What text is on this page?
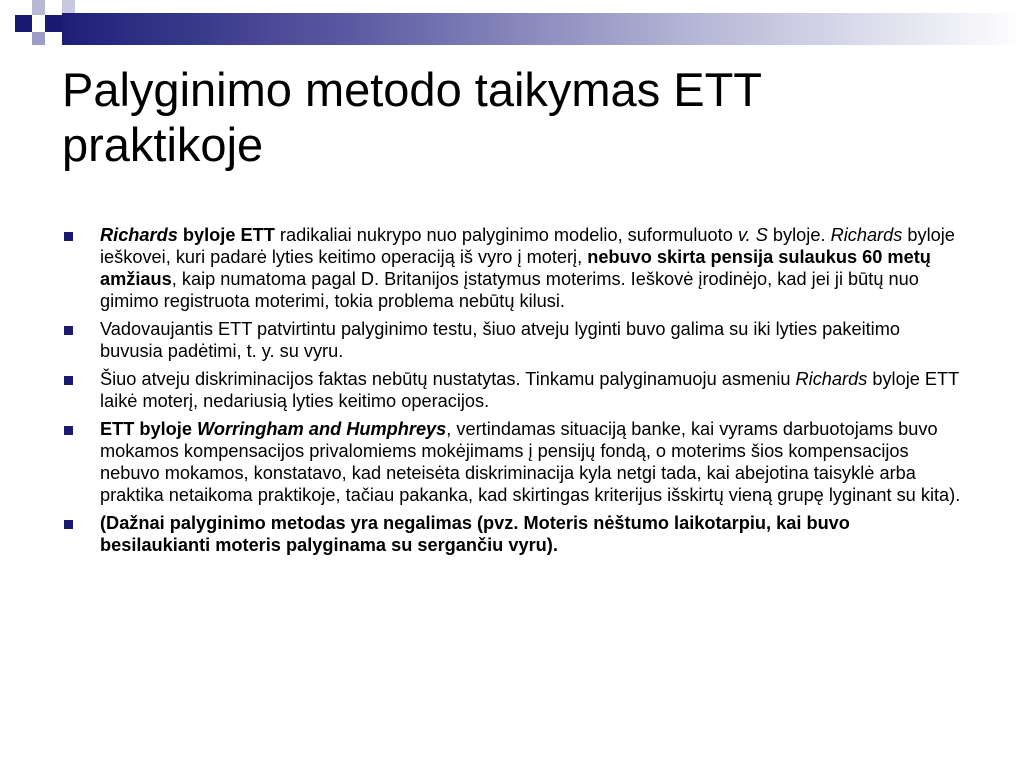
Palyginimo metodo taikymas ETT praktikoje
Richards byloje ETT radikaliai nukrypo nuo palyginimo modelio, suformuluoto v. S byloje. Richards byloje ieškovei, kuri padarė lyties keitimo operaciją iš vyro į moterį, nebuvo skirta pensija sulaukus 60 metų amžiaus, kaip numatoma pagal D. Britanijos įstatymus moterims. Ieškovė įrodinėjo, kad jei ji būtų nuo gimimo registruota moterimi, tokia problema nebūtų kilusi.
Vadovaujantis ETT patvirtintu palyginimo testu, šiuo atveju lyginti buvo galima su iki lyties pakeitimo buvusia padėtimi, t. y. su vyru.
Šiuo atveju diskriminacijos faktas nebūtų nustatytas. Tinkamu palyginamuoju asmeniu Richards byloje ETT laikė moterį, nedariusią lyties keitimo operacijos.
ETT byloje Worringham and Humphreys, vertindamas situaciją banke, kai vyrams darbuotojams buvo mokamos kompensacijos privalomiems mokėjimams į pensijų fondą, o moterims šios kompensacijos nebuvo mokamos, konstatavo, kad neteisėta diskriminacija kyla netgi tada, kai abejotina taisyklė arba praktika netaikoma praktikoje, tačiau pakanka, kad skirtingas kriterijus išskirtų vieną grupę lyginant su kita).
(Dažnai palyginimo metodas yra negalimas (pvz. Moteris nėštumo laikotarpiu, kai buvo besilaukianti moteris palyginama su sergančiu vyru).
